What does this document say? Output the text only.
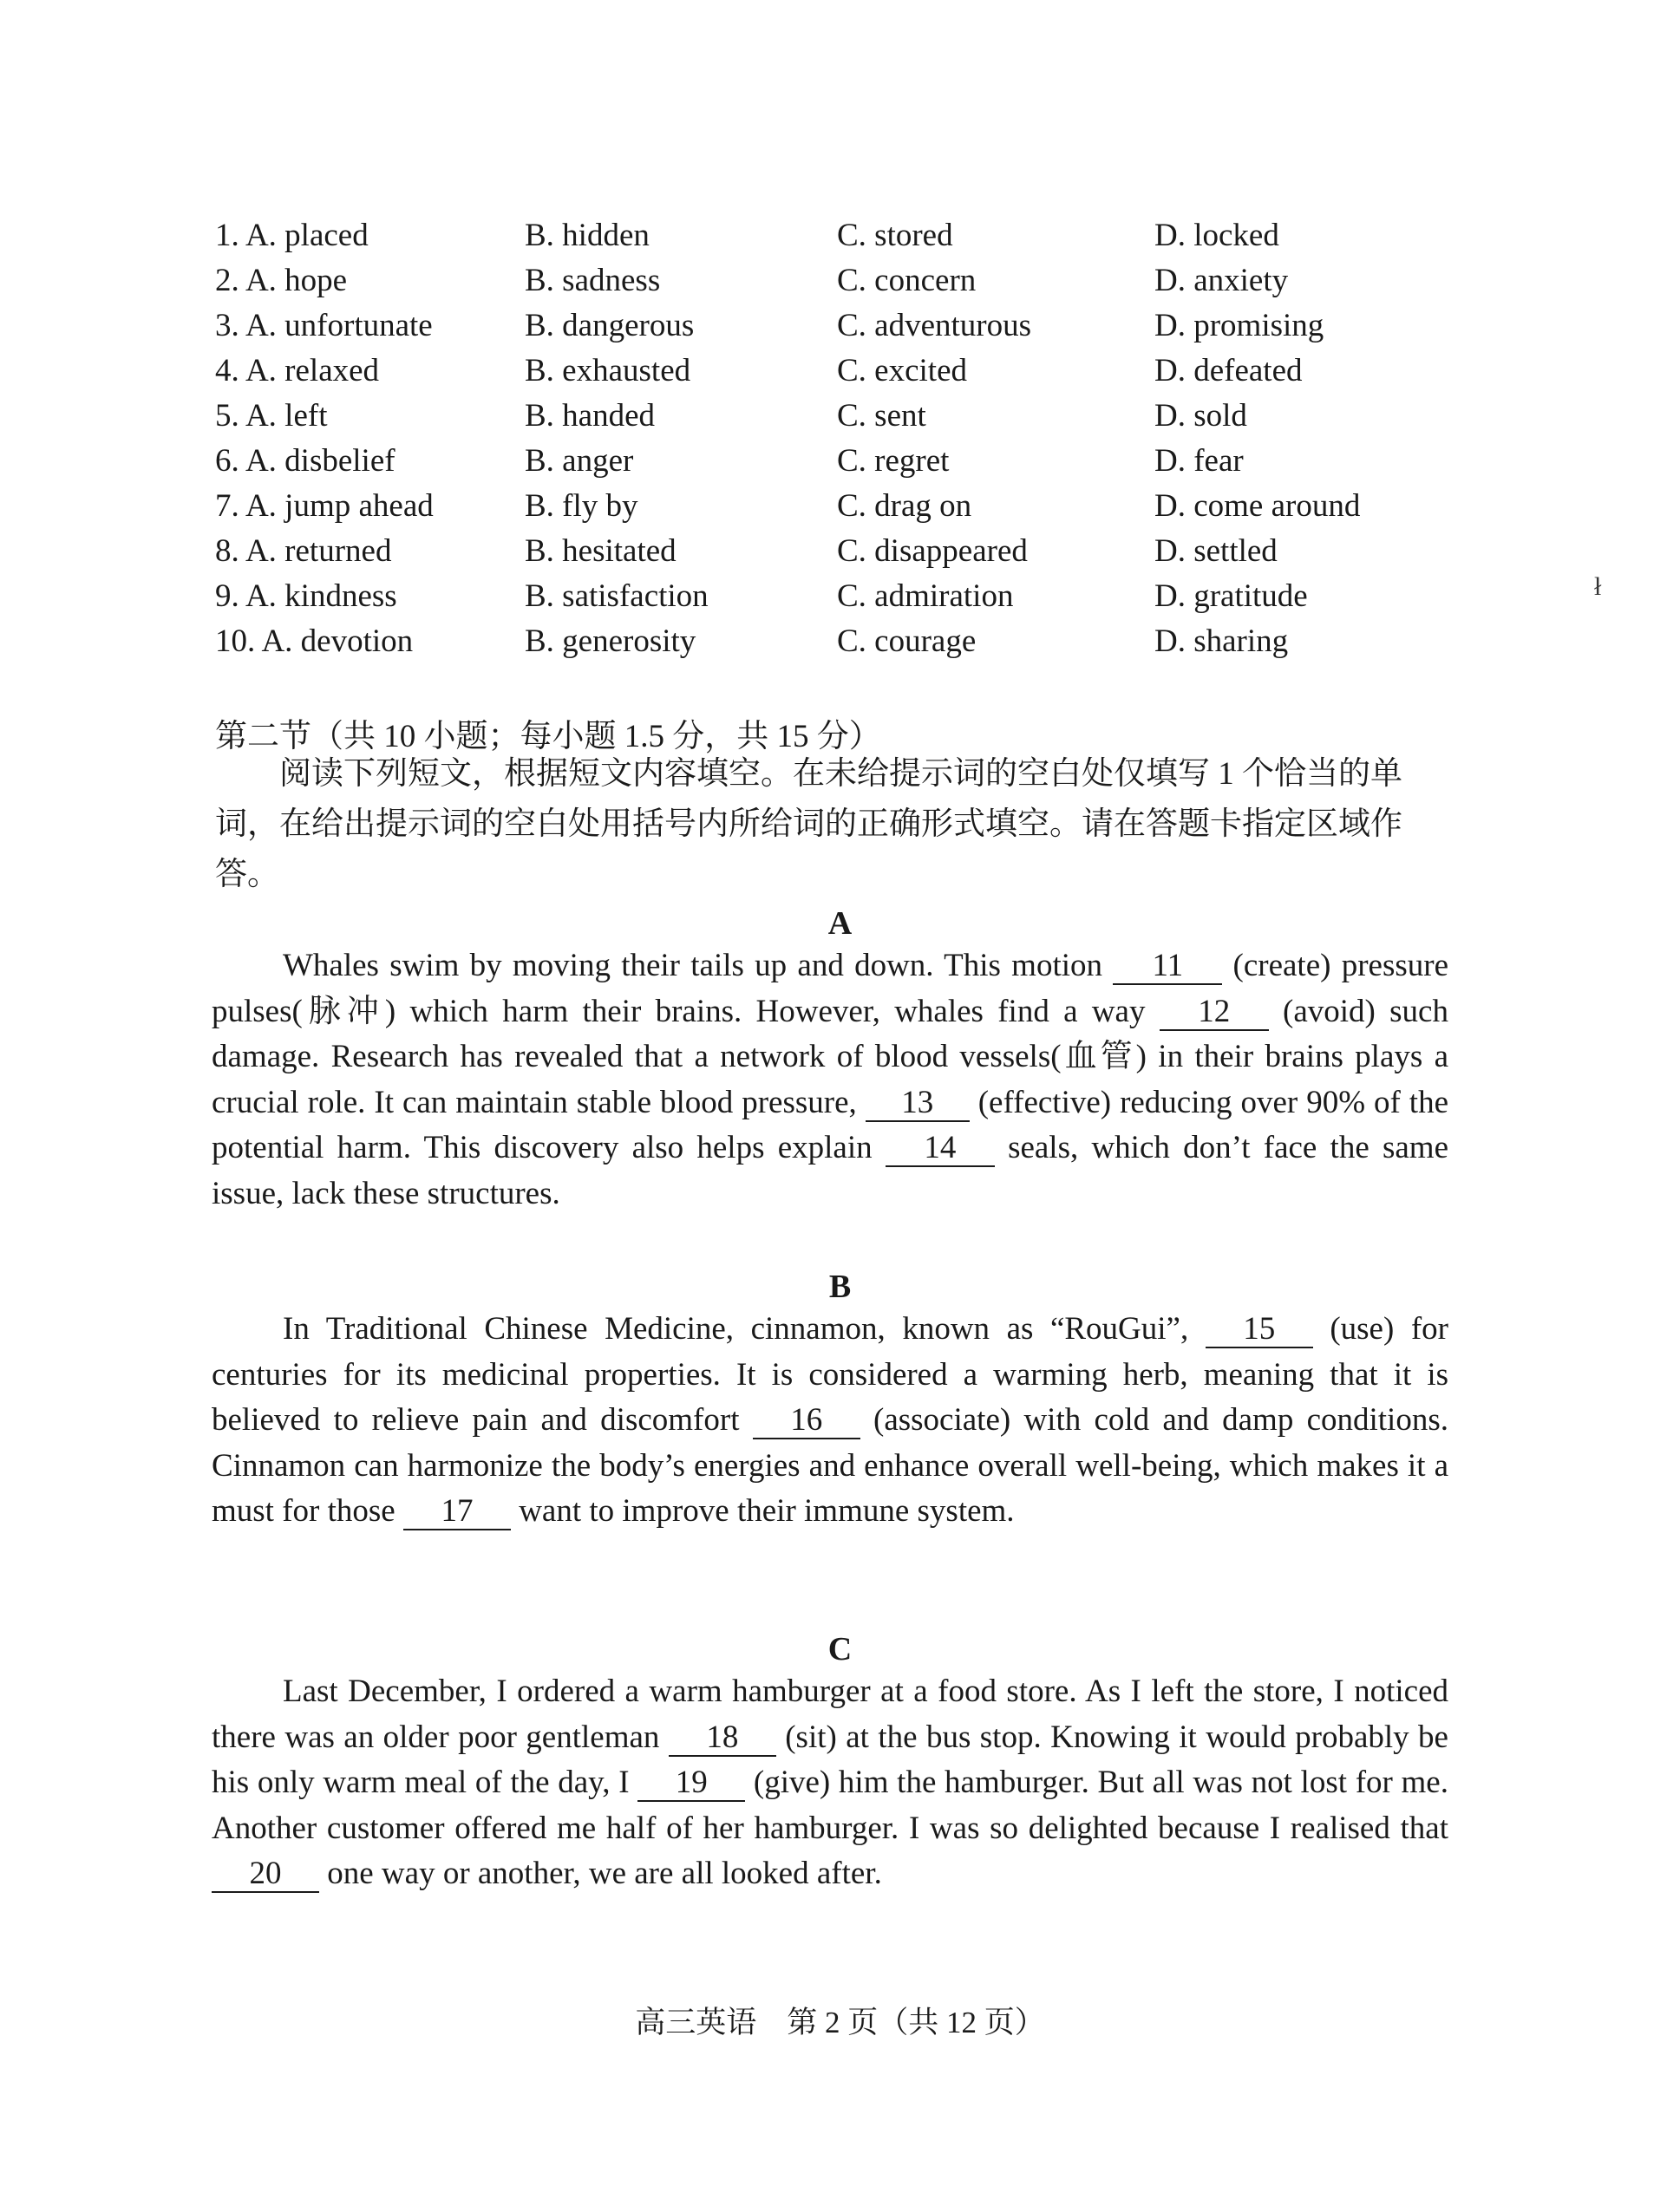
1. A. placed	B. hidden	C. stored	D. locked
2. A. hope	B. sadness	C. concern	D. anxiety
3. A. unfortunate	B. dangerous	C. adventurous	D. promising
4. A. relaxed	B. exhausted	C. excited	D. defeated
5. A. left	B. handed	C. sent	D. sold
6. A. disbelief	B. anger	C. regret	D. fear
7. A. jump ahead	B. fly by	C. drag on	D. come around
8. A. returned	B. hesitated	C. disappeared	D. settled
9. A. kindness	B. satisfaction	C. admiration	D. gratitude
10. A. devotion	B. generosity	C. courage	D. sharing
第二节（共 10 小题；每小题 1.5 分，共 15 分）
阅读下列短文，根据短文内容填空。在未给提示词的空白处仅填写 1 个恰当的单词，在给出提示词的空白处用括号内所给词的正确形式填空。请在答题卡指定区域作答。
A
Whales swim by moving their tails up and down. This motion 11 (create) pressure pulses(脉冲) which harm their brains. However, whales find a way 12 (avoid) such damage. Research has revealed that a network of blood vessels(血管) in their brains plays a crucial role. It can maintain stable blood pressure, 13 (effective) reducing over 90% of the potential harm. This discovery also helps explain 14 seals, which don’t face the same issue, lack these structures.
B
In Traditional Chinese Medicine, cinnamon, known as “RouGui”, 15 (use) for centuries for its medicinal properties. It is considered a warming herb, meaning that it is believed to relieve pain and discomfort 16 (associate) with cold and damp conditions. Cinnamon can harmonize the body’s energies and enhance overall well-being, which makes it a must for those 17 want to improve their immune system.
C
Last December, I ordered a warm hamburger at a food store. As I left the store, I noticed there was an older poor gentleman 18 (sit) at the bus stop. Knowing it would probably be his only warm meal of the day, I 19 (give) him the hamburger. But all was not lost for me. Another customer offered me half of her hamburger. I was so delighted because I realised that 20 one way or another, we are all looked after.
高三英语　第 2 页（共 12 页）
ł
